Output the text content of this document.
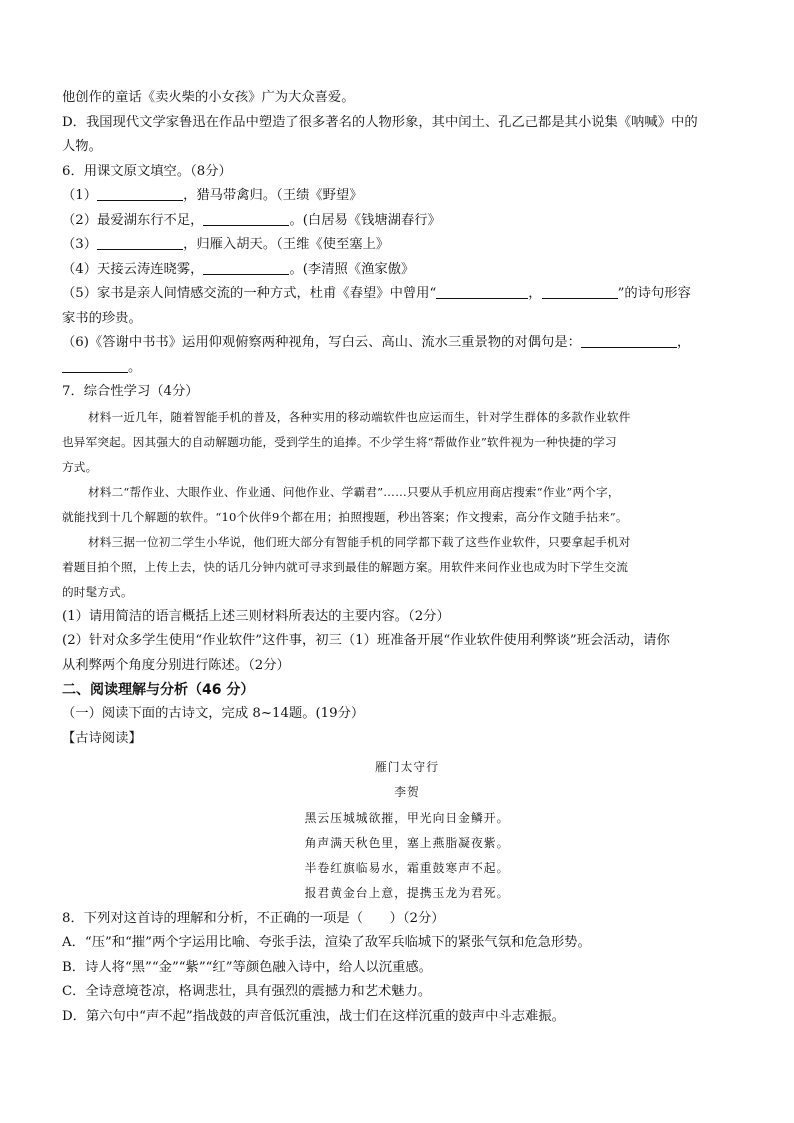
他创作的童话《卖火柴的小女孩》广为大众喜爱。
D．我国现代文学家鲁迅在作品中塑造了很多著名的人物形象，其中闰土、孔乙己都是其小说集《呐喊》中的
人物。
6．用课文原文填空。（8分）
（1）	，猎马带禽归。（王绩《野望》
（2）最爱湖东行不足，	。(白居易《钱塘湖春行》
（3）	，归雁入胡天。（王维《使至塞上》
（4）天接云涛连晓雾，	。(李清照《渔家傲》
（5）家书是亲人间情感交流的一种方式，杜甫《春望》中曾用“	，	”的诗句形容
家书的珍贵。
（6)《答谢中书书》运用仰观俯察两种视角，写白云、高山、流水三重景物的对偶句是：	，
。
7．综合性学习（4分）
材料一近几年，随着智能手机的普及，各种实用的移动端软件也应运而生，针对学生群体的多款作业软件
也异军突起。因其强大的自动解题功能，受到学生的追捧。不少学生将“帮做作业”软件视为一种快捷的学习
方式。
材料二“帮作业、大眼作业、作业通、问他作业、学霸君”……只要从手机应用商店搜索“作业”两个字，
就能找到十几个解题的软件。“10个伙伴9个都在用；拍照搜题，秒出答案；作文搜索，高分作文随手拈来”。
材料三据一位初二学生小华说，他们班大部分有智能手机的同学都下载了这些作业软件，只要拿起手机对
着题目拍个照，上传上去，快的话几分钟内就可寻求到最佳的解题方案。用软件来问作业也成为时下学生交流
的时髦方式。
(1）请用简洁的语言概括上述三则材料所表达的主要内容。（2分）
(2）针对众多学生使用“作业软件”这件事，初三（1）班准备开展“作业软件使用利弊谈”班会活动，请你
从利弊两个角度分别进行陈述。（2分）
二、阅读理解与分析（46 分）
（一）阅读下面的古诗文，完成 8~14题。(19分）
【古诗阅读】
雁门太守行
李贺
黑云压城城欲摧，甲光向日金鳞开。
角声满天秋色里，塞上燕脂凝夜紫。
半卷红旗临易水，霜重鼓寒声不起。
报君黄金台上意，提携玉龙为君死。
8．下列对这首诗的理解和分析，不正确的一项是（　　）（2分）
A．“压”和“摧”两个字运用比喻、夸张手法，渲染了敌军兵临城下的紧张气氛和危急形势。
B．诗人将“黑”“金”“紫”“红”等颜色融入诗中，给人以沉重感。
C．全诗意境苍凉，格调悲壮，具有强烈的震撼力和艺术魅力。
D．第六句中“声不起”指战鼓的声音低沉重浊，战士们在这样沉重的鼓声中斗志难振。
